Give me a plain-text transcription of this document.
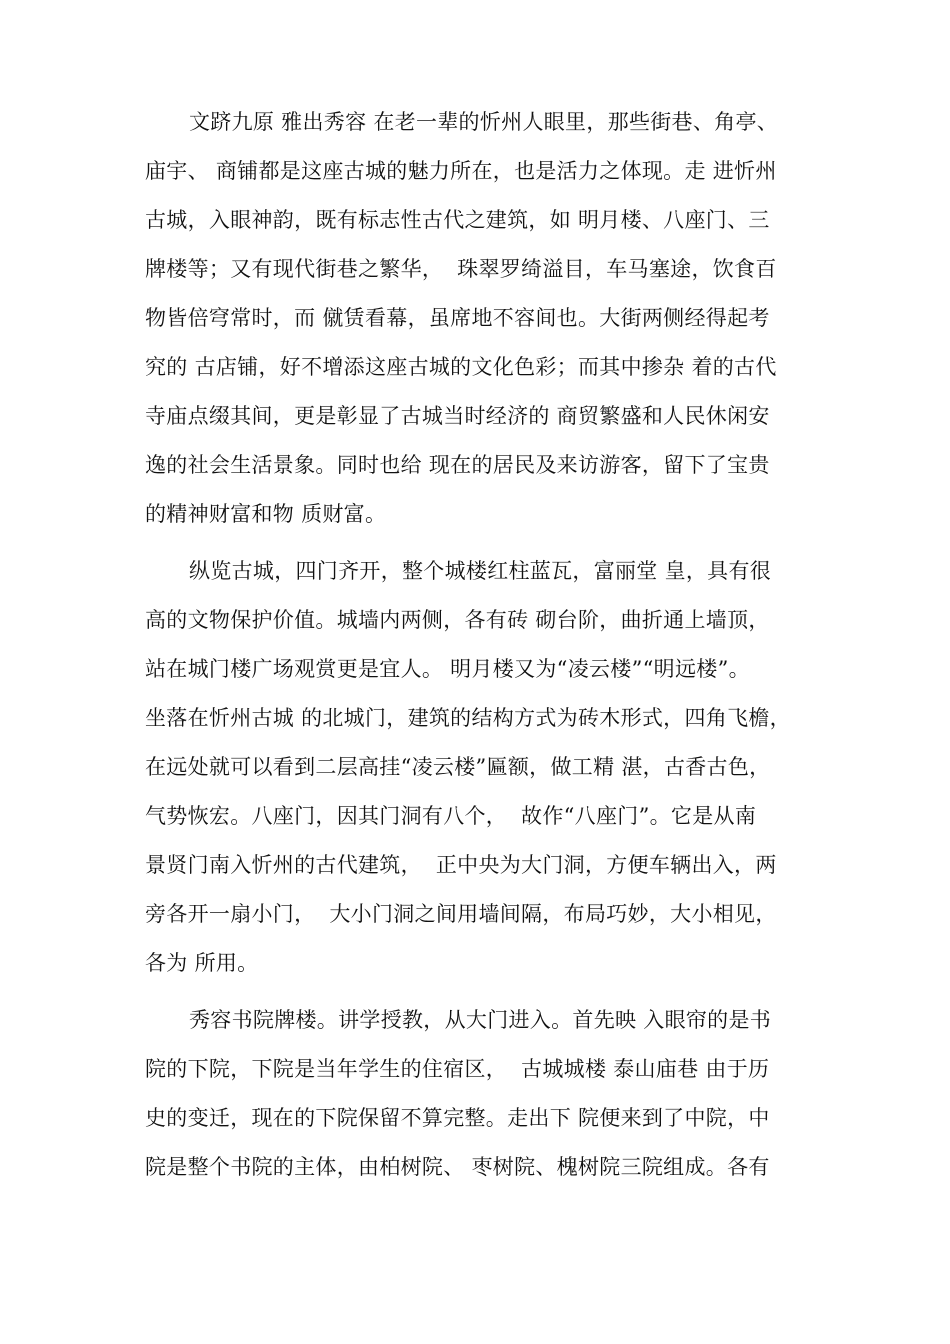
文跻九原 雅出秀容 在老一辈的忻州人眼里，那些街巷、角亭、
庙宇、 商铺都是这座古城的魅力所在，也是活力之体现。走 进忻州
古城，入眼神韵，既有标志性古代之建筑，如 明月楼、八座门、三
牌楼等；又有现代街巷之繁华，  珠翠罗绮溢目，车马塞途，饮食百
物皆倍穹常时，而 僦赁看幕，虽席地不容间也。大街两侧经得起考
究的 古店铺，好不增添这座古城的文化色彩；而其中掺杂 着的古代
寺庙点缀其间，更是彰显了古城当时经济的 商贸繁盛和人民休闲安
逸的社会生活景象。同时也给 现在的居民及来访游客，留下了宝贵
的精神财富和物 质财富。
纵览古城，四门齐开，整个城楼红柱蓝瓦，富丽堂 皇，具有很
高的文物保护价值。城墙内两侧，各有砖 砌台阶，曲折通上墙顶，
站在城门楼广场观赏更是宜人。 明月楼又为“凌云楼”“明远楼”。
坐落在忻州古城 的北城门，建筑的结构方式为砖木形式，四角飞檐，
在远处就可以看到二层高挂“凌云楼”匾额，做工精 湛，古香古色，
气势恢宏。八座门，因其门洞有八个，  故作“八座门”。它是从南
景贤门南入忻州的古代建筑，  正中央为大门洞，方便车辆出入，两
旁各开一扇小门，  大小门洞之间用墙间隔，布局巧妙，大小相见，
各为 所用。
秀容书院牌楼。讲学授教，从大门进入。首先映 入眼帘的是书
院的下院，下院是当年学生的住宿区，  古城城楼 泰山庙巷 由于历
史的变迁，现在的下院保留不算完整。走出下 院便来到了中院，中
院是整个书院的主体，由柏树院、 枣树院、槐树院三院组成。各有
